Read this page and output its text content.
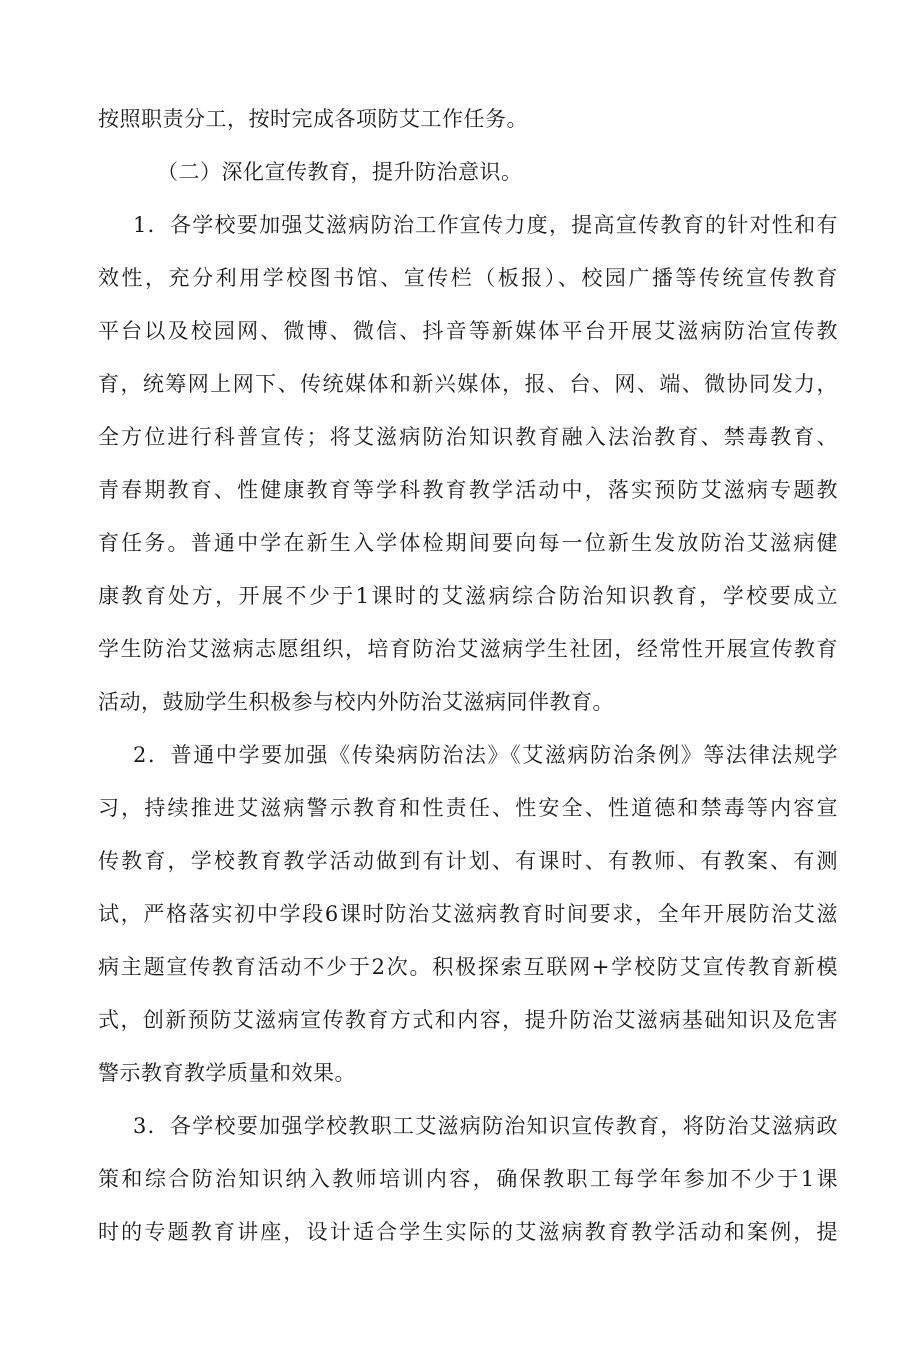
按照职责分工，按时完成各项防艾工作任务。
（二）深化宣传教育，提升防治意识。
1．各学校要加强艾滋病防治工作宣传力度，提高宣传教育的针对性和有
效性，充分利用学校图书馆、宣传栏（板报）、校园广播等传统宣传教育
平台以及校园网、微博、微信、抖音等新媒体平台开展艾滋病防治宣传教
育，统筹网上网下、传统媒体和新兴媒体，报、台、网、端、微协同发力，
全方位进行科普宣传；将艾滋病防治知识教育融入法治教育、禁毒教育、
青春期教育、性健康教育等学科教育教学活动中，落实预防艾滋病专题教
育任务。普通中学在新生入学体检期间要向每一位新生发放防治艾滋病健
康教育处方，开展不少于1课时的艾滋病综合防治知识教育，学校要成立
学生防治艾滋病志愿组织，培育防治艾滋病学生社团，经常性开展宣传教育
活动，鼓励学生积极参与校内外防治艾滋病同伴教育。
2．普通中学要加强《传染病防治法》《艾滋病防治条例》等法律法规学
习，持续推进艾滋病警示教育和性责任、性安全、性道德和禁毒等内容宣
传教育，学校教育教学活动做到有计划、有课时、有教师、有教案、有测
试，严格落实初中学段6课时防治艾滋病教育时间要求，全年开展防治艾滋
病主题宣传教育活动不少于2次。积极探索互联网+学校防艾宣传教育新模
式，创新预防艾滋病宣传教育方式和内容，提升防治艾滋病基础知识及危害
警示教育教学质量和效果。
3．各学校要加强学校教职工艾滋病防治知识宣传教育，将防治艾滋病政
策和综合防治知识纳入教师培训内容，确保教职工每学年参加不少于1课
时的专题教育讲座，设计适合学生实际的艾滋病教育教学活动和案例，提
